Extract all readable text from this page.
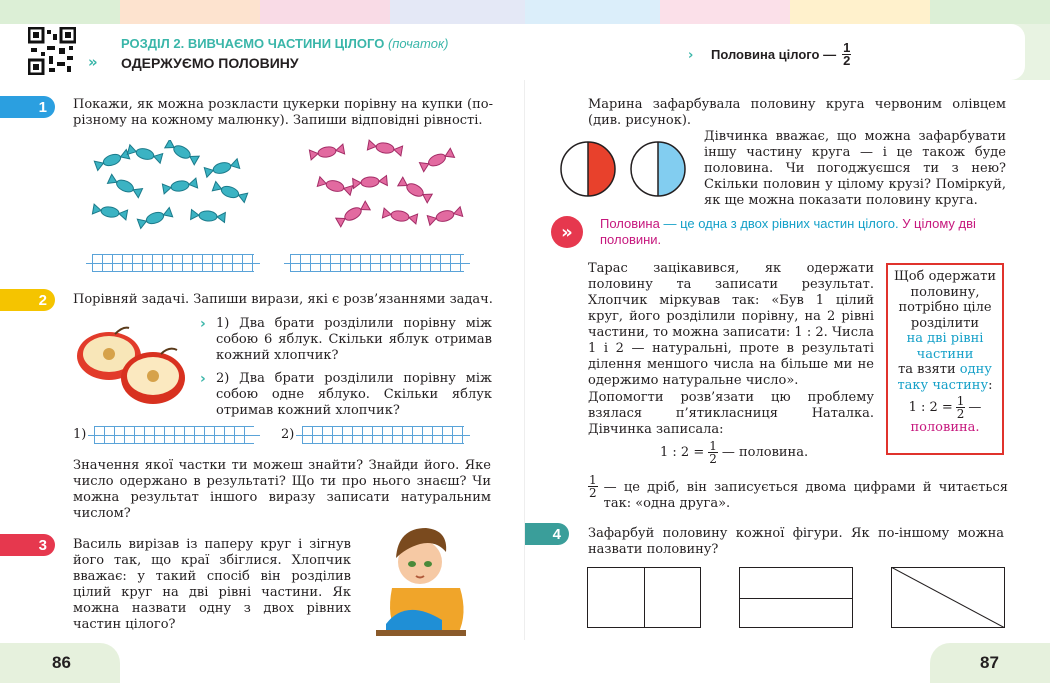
РОЗДІЛ 2. ВИВЧАЄМО ЧАСТИНИ ЦІЛОГО (початок)
» ОДЕРЖУЄМО ПОЛОВИНУ	› Половина цілого — $\frac{1}{2}$
1 Покажи, як можна розкласти цукерки порівну на купки (по-різному на кожному малюнку). Запиши відповідні рівності.
2 Порівняй задачі. Запиши вирази, які є розв’язаннями задач.
› 1) Два брати розділили порівну між собою 6 яблук. Скільки яблук отримав кожний хлопчик?
› 2) Два брати розділили порівну між собою одне яблуко. Скільки яблук отримав кожний хлопчик?
1)	2)
Значення якої частки ти можеш знайти? Знайди його. Яке число одержано в результаті? Що ти про нього знаєш? Чи можна результат іншого виразу записати натуральним числом?
3 Василь вирізав із паперу круг і зігнув його так, що краї збіглися. Хлопчик вважає: у такий спосіб він розділив цілий круг на дві рівні частини. Як можна назвати одну з двох рівних частин цілого?
86
Марина зафарбувала половину круга червоним олівцем (див. рисунок).
Дівчинка вважає, що можна зафарбувати іншу частину круга — і це також буде половина. Чи погоджуєшся ти з нею? Скільки половин у цілому крузі? Поміркуй, як ще можна показати половину круга.
»	Половина — це одна з двох рівних частин цілого. У цілому дві половини.
Тарас зацікавився, як одержати половину та записати результат. Хлопчик міркував так: «Був 1 цілий круг, його розділили порівну, на 2 рівні частини, то можна записати: 1 : 2. Числа 1 і 2 — натуральні, проте в результаті ділення меншого числа на більше ми не одержимо натуральне число».
Допомогти розв’язати цю проблему взялася п’ятикласниця Наталка. Дівчинка записала:
1 : $2 = \frac{1}{2}$ — половина.
$\frac{1}{2}$ — це дріб, він записується двома цифрами й читається так: «одна друга».
Щоб одержати половину, потрібно ціле розділити
на дві рівні частини
та взяти одну таку частину:
1 : $2 = \frac{1}{2}$ —
половина.
4 Зафарбуй половину кожної фігури. Як по-іншому можна назвати половину?
87
